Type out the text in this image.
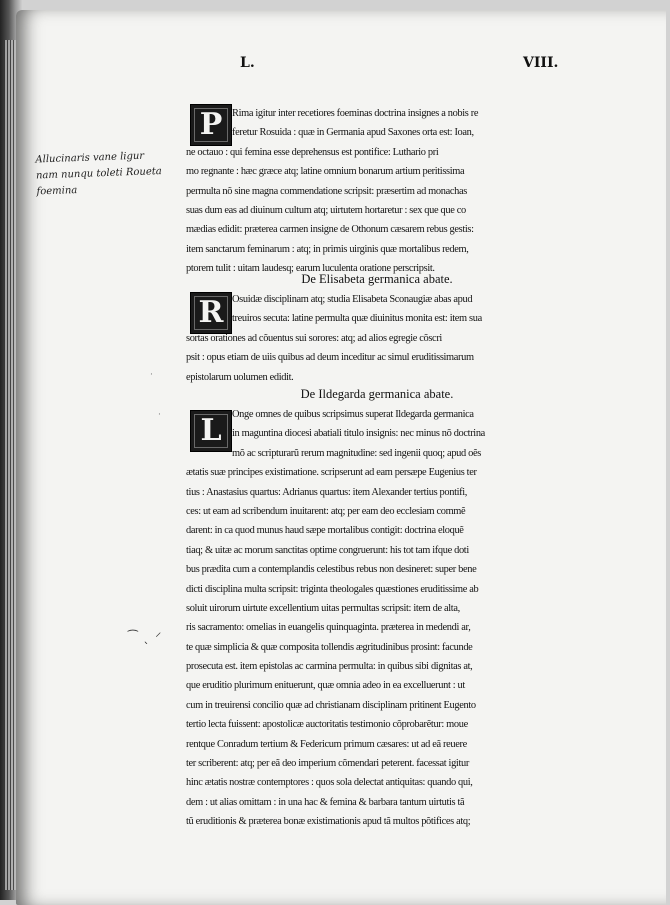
L.	VIII.
Allucinaris vane ligur
nam nunqu toleti Roueta
foemina
⁀ ˎ ⸍
·
·
P Rima igitur inter recetiores foeminas doctrina insignes a nobis re
feretur Rosuida : quæ in Germania apud Saxones orta est: Ioan,
ne octauo : qui femina esse deprehensus est pontifice: Luthario pri
mo regnante : hæc græce atq; latine omnium bonarum artium peritissima
permulta nõ sine magna commendatione scripsit: præsertim ad monachas
suas dum eas ad diuinum cultum atq; uirtutem hortaretur : sex que que co
mædias edidit: præterea carmen insigne de Othonum cæsarem rebus gestis:
item sanctarum feminarum : atq; in primis uirginis quæ mortalibus redem,
ptorem tulit : uitam laudesq; earum luculenta oratione perscripsit.
De Elisabeta germanica abate.
R Osuidæ disciplinam atq; studia Elisabeta Sconaugiæ abas apud
treuiros secuta: latine permulta quæ diuinitus monita est: item sua
sortas orationes ad cõuentus sui sorores: atq; ad alios egregie cõscri
psit : opus etiam de uiis quibus ad deum inceditur ac simul eruditissimarum
epistolarum uolumen edidit.
De Ildegarda germanica abate.
L	Onge omnes de quibus scripsimus superat Ildegarda germanica
in maguntina diocesi abatiali titulo insignis: nec minus nõ doctrina
mõ ac scripturarũ rerum magnitudine: sed ingenii quoq; apud oẽs
ætatis suæ principes existimatione. scripserunt ad eam persæpe Eugenius ter
tius : Anastasius quartus: Adrianus quartus: item Alexander tertius pontifi,
ces: ut eam ad scribendum inuitarent: atq; per eam deo ecclesiam commẽ
darent: in ca quod munus haud sæpe mortalibus contigit: doctrina eloquẽ
tiaq; & uitæ ac morum sanctitas optime congruerunt: his tot tam ifque doti
bus prædita cum a contemplandis celestibus rebus non desineret: super bene
dicti disciplina multa scripsit: triginta theologales quæstiones eruditissime ab
soluit uirorum uirtute excellentium uitas permultas scripsit: item de alta,
ris sacramento: omelias in euangelis quinquaginta. præterea in medendi ar,
te quæ simplicia & quæ composita tollendis ægritudinibus prosint: facunde
prosecuta est. item epistolas ac carmina permulta: in quibus sibi dignitas at,
que eruditio plurimum enituerunt, quæ omnia adeo in ea excelluerunt : ut
cum in treuirensi concilio quæ ad christianam disciplinam pritinent Eugento
tertio lecta fuissent: apostolicæ auctoritatis testimonio cõprobarẽtur: moue
rentque Conradum tertium & Federicum primum cæsares: ut ad eã reuere
ter scriberent: atq; per eã deo imperium cõmendari peterent. facessat igitur
hinc ætatis nostræ contemptores : quos sola delectat antiquitas: quando qui,
dem : ut alias omittam : in una hac & femina & barbara tantum uirtutis tã
tũ eruditionis & præterea bonæ existimationis apud tã multos põtifices atq;
